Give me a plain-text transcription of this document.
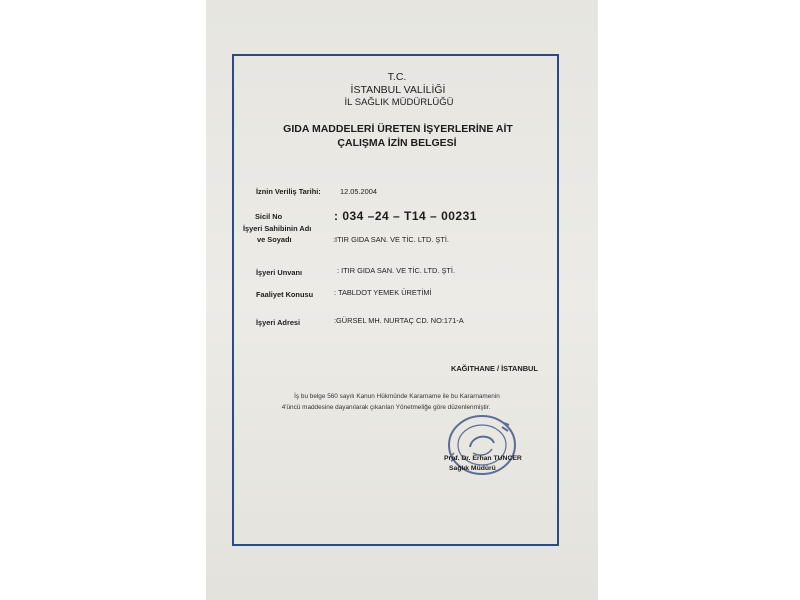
T.C.
İSTANBUL VALİLİĞİ
İL SAĞLIK MÜDÜRLÜĞÜ
GIDA MADDELERİ ÜRETEN İŞYERLERİNE AİT
ÇALIŞMA İZİN BELGESİ
İznin Veriliş Tarihi:	12.05.2004
Sicil No	: 034 –24 – T14 – 00231
İşyeri Sahibinin Adı
ve Soyadı	:ITIR GIDA SAN. VE TİC. LTD. ŞTİ.
İşyeri Unvanı	: ITIR GIDA SAN. VE TİC. LTD. ŞTİ.
Faaliyet Konusu	: TABLDOT YEMEK ÜRETİMİ
İşyeri Adresi	:GÜRSEL MH. NURTAÇ CD. NO:171-A
KAĞITHANE / İSTANBUL
İş bu belge 560 sayılı Kanun Hükmünde Kararname ile bu Kararnamenin
4'üncü maddesine dayanılarak çıkarılan Yönetmeliğe göre düzenlenmiştir.
Prof. Dr. Erhan TUNCER
Sağlık Müdürü
